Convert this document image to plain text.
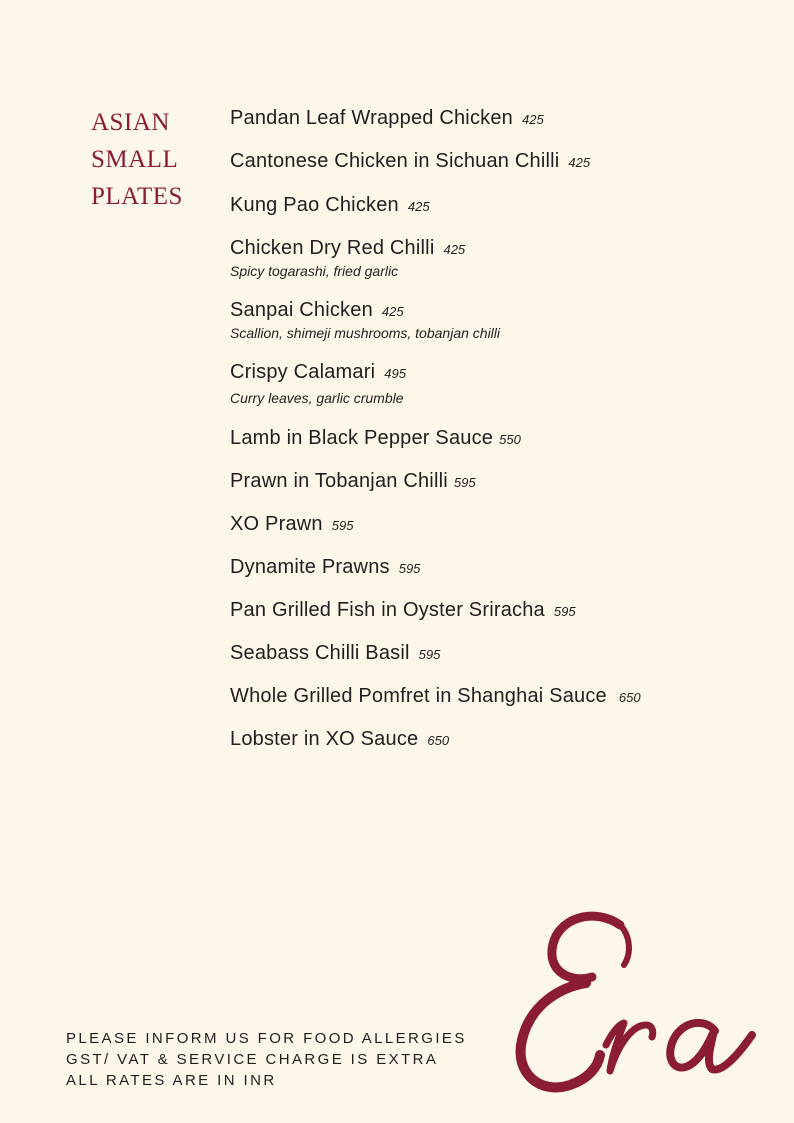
ASIAN
SMALL
PLATES
Pandan Leaf Wrapped Chicken 425
Cantonese Chicken in Sichuan Chilli 425
Kung Pao Chicken 425
Chicken Dry Red Chilli 425
Spicy togarashi, fried garlic
Sanpai Chicken 425
Scallion, shimeji mushrooms, tobanjan chilli
Crispy Calamari 495
Curry leaves, garlic crumble
Lamb in Black Pepper Sauce 550
Prawn in Tobanjan Chilli 595
XO Prawn 595
Dynamite Prawns 595
Pan Grilled Fish in Oyster Sriracha 595
Seabass Chilli Basil 595
Whole Grilled Pomfret in Shanghai Sauce 650
Lobster in XO Sauce 650
PLEASE INFORM US FOR FOOD ALLERGIES
GST/ VAT & SERVICE CHARGE IS EXTRA
ALL RATES ARE IN INR
